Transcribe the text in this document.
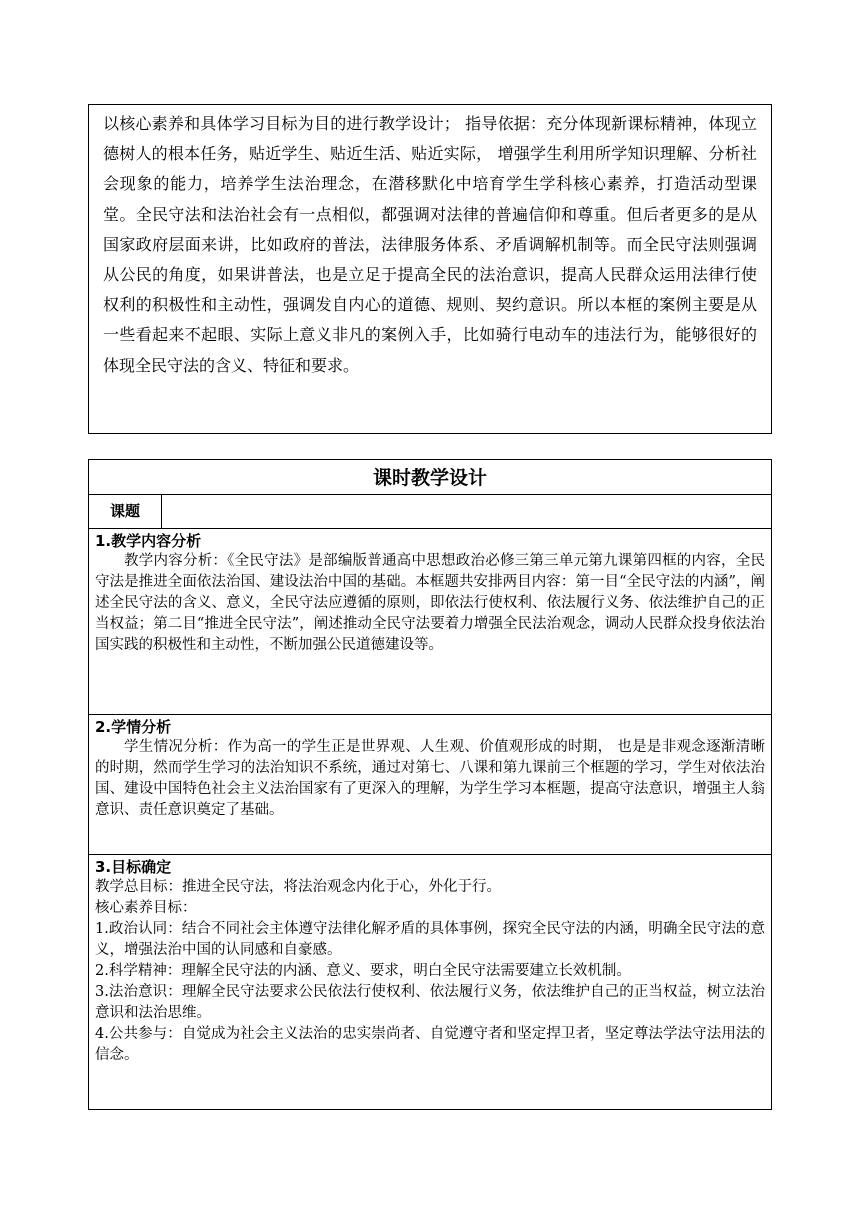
以核心素养和具体学习目标为目的进行教学设计； 指导依据：充分体现新课标精神，体现立德树人的根本任务，贴近学生、贴近生活、贴近实际， 增强学生利用所学知识理解、分析社会现象的能力，培养学生法治理念，在潜移默化中培育学生学科核心素养，打造活动型课堂。全民守法和法治社会有一点相似，都强调对法律的普遍信仰和尊重。但后者更多的是从国家政府层面来讲，比如政府的普法，法律服务体系、矛盾调解机制等。而全民守法则强调从公民的角度，如果讲普法，也是立足于提高全民的法治意识，提高人民群众运用法律行使权利的积极性和主动性，强调发自内心的道德、规则、契约意识。所以本框的案例主要是从一些看起来不起眼、实际上意义非凡的案例入手，比如骑行电动车的违法行为，能够很好的体现全民守法的含义、特征和要求。

课时教学设计
课题
1.教学内容分析

教学内容分析：《全民守法》是部编版普通高中思想政治必修三第三单元第九课第四框的内容，全民守法是推进全面依法治国、建设法治中国的基础。本框题共安排两目内容：第一目“全民守法的内涵”，阐述全民守法的含义、意义，全民守法应遵循的原则，即依法行使权利、依法履行义务、依法维护自己的正当权益；第二目“推进全民守法”，阐述推动全民守法要着力增强全民法治观念，调动人民群众投身依法治国实践的积极性和主动性，不断加强公民道德建设等。

2.学情分析

学生情况分析：作为高一的学生正是世界观、人生观、价值观形成的时期， 也是是非观念逐渐清晰的时期，然而学生学习的法治知识不系统，通过对第七、八课和第九课前三个框题的学习，学生对依法治国、建设中国特色社会主义法治国家有了更深入的理解，为学生学习本框题，提高守法意识，增强主人翁意识、责任意识奠定了基础。

3.目标确定

教学总目标：推进全民守法，将法治观念内化于心，外化于行。

核心素养目标：

1.政治认同：结合不同社会主体遵守法律化解矛盾的具体事例，探究全民守法的内涵，明确全民守法的意义，增强法治中国的认同感和自豪感。

2.科学精神：理解全民守法的内涵、意义、要求，明白全民守法需要建立长效机制。

3.法治意识：理解全民守法要求公民依法行使权利、依法履行义务，依法维护自己的正当权益，树立法治意识和法治思维。

4.公共参与：自觉成为社会主义法治的忠实崇尚者、自觉遵守者和坚定捍卫者，坚定尊法学法守法用法的信念。
